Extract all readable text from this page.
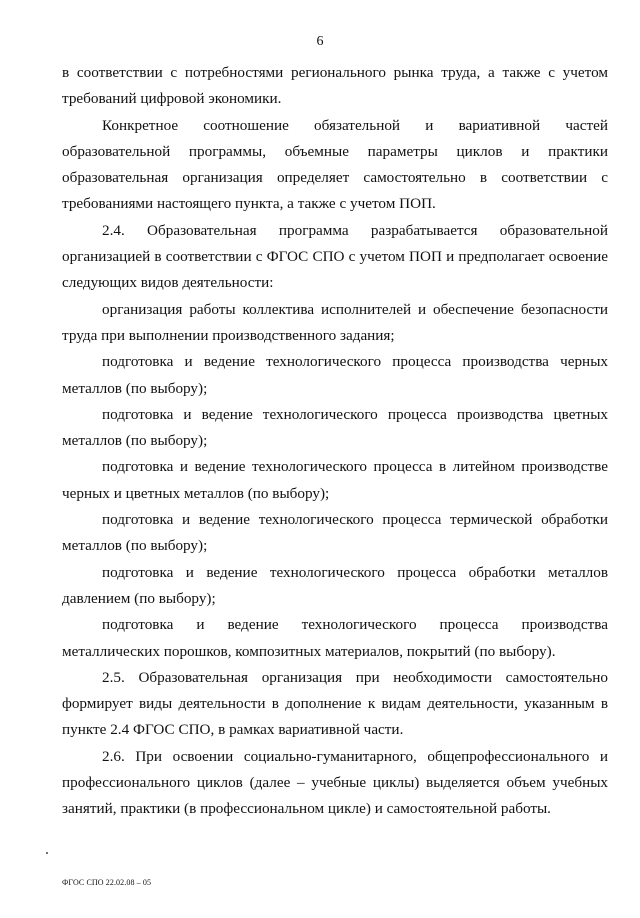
6

в соответствии с потребностями регионального рынка труда, а также с учетом требований цифровой экономики.

Конкретное соотношение обязательной и вариативной частей образовательной программы, объемные параметры циклов и практики образовательная организация определяет самостоятельно в соответствии с требованиями настоящего пункта, а также с учетом ПОП.

2.4. Образовательная программа разрабатывается образовательной организацией в соответствии с ФГОС СПО с учетом ПОП и предполагает освоение следующих видов деятельности:

организация работы коллектива исполнителей и обеспечение безопасности труда при выполнении производственного задания;

подготовка и ведение технологического процесса производства черных металлов (по выбору);

подготовка и ведение технологического процесса производства цветных металлов (по выбору);

подготовка и ведение технологического процесса в литейном производстве черных и цветных металлов (по выбору);

подготовка и ведение технологического процесса термической обработки металлов (по выбору);

подготовка и ведение технологического процесса обработки металлов давлением (по выбору);

подготовка и ведение технологического процесса производства металлических порошков, композитных материалов, покрытий (по выбору).

2.5. Образовательная организация при необходимости самостоятельно формирует виды деятельности в дополнение к видам деятельности, указанным в пункте 2.4 ФГОС СПО, в рамках вариативной части.

2.6. При освоении социально-гуманитарного, общепрофессионального и профессионального циклов (далее – учебные циклы) выделяется объем учебных занятий, практики (в профессиональном цикле) и самостоятельной работы.

ФГОС СПО 22.02.08 – 05
